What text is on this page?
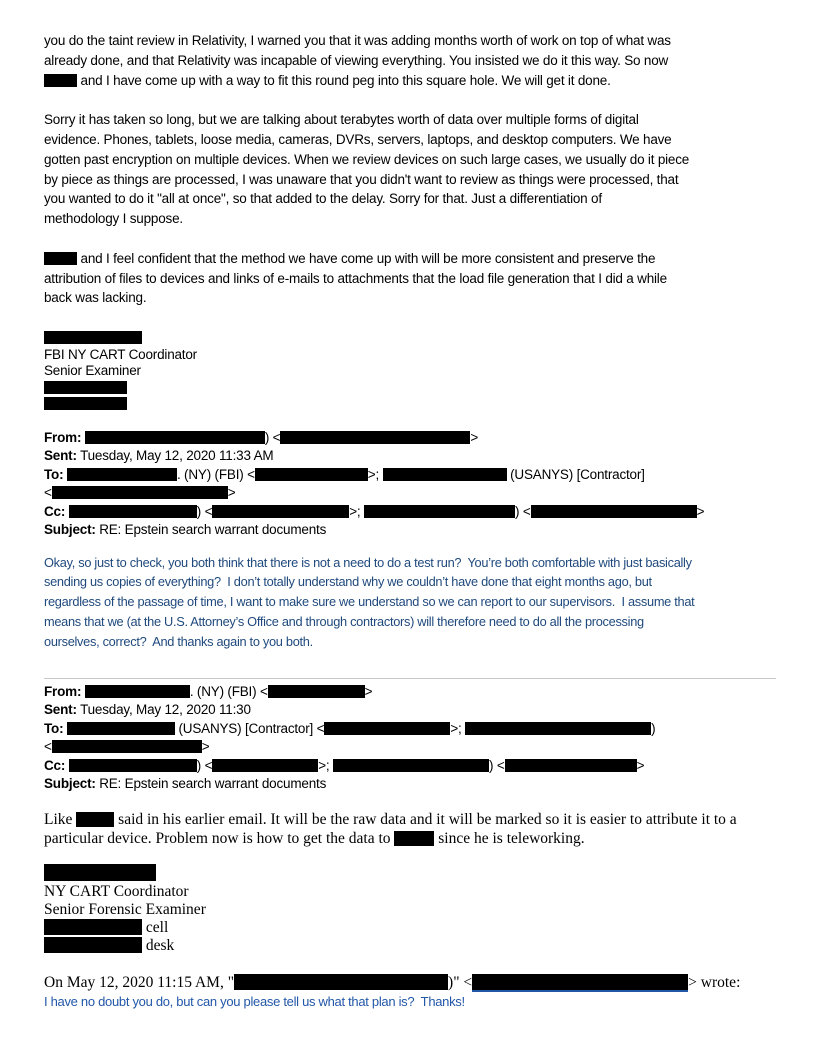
you do the taint review in Relativity, I warned you that it was adding months worth of work on top of what was
already done, and that Relativity was incapable of viewing everything. You insisted we do it this way. So now
and I have come up with a way to fit this round peg into this square hole. We will get it done.
Sorry it has taken so long, but we are talking about terabytes worth of data over multiple forms of digital
evidence. Phones, tablets, loose media, cameras, DVRs, servers, laptops, and desktop computers. We have
gotten past encryption on multiple devices. When we review devices on such large cases, we usually do it piece
by piece as things are processed, I was unaware that you didn't want to review as things were processed, that
you wanted to do it "all at once", so that added to the delay. Sorry for that. Just a differentiation of
methodology I suppose.
and I feel confident that the method we have come up with will be more consistent and preserve the
attribution of files to devices and links of e-mails to attachments that the load file generation that I did a while
back was lacking.
FBI NY CART Coordinator
Senior Examiner
From:	) <	>
Sent: Tuesday, May 12, 2020 11:33 AM
To:	. (NY) (FBI) <	>;	(USANYS) [Contractor]
<	>
Cc:	) <	>;	) <	>
Subject: RE: Epstein search warrant documents
Okay, so just to check, you both think that there is not a need to do a test run?  You’re both comfortable with just basically
sending us copies of everything?  I don’t totally understand why we couldn’t have done that eight months ago, but
regardless of the passage of time, I want to make sure we understand so we can report to our supervisors.  I assume that
means that we (at the U.S. Attorney’s Office and through contractors) will therefore need to do all the processing
ourselves, correct?  And thanks again to you both.
From:	. (NY) (FBI) <	>
Sent: Tuesday, May 12, 2020 11:30
To:	(USANYS) [Contractor] <	>;	)
<	>
Cc:	) <	>;	) <	>
Subject: RE: Epstein search warrant documents
Like  said in his earlier email. It will be the raw data and it will be marked so it is easier to attribute it to a
particular device. Problem now is how to get the data to	since he is teleworking.
NY CART Coordinator
Senior Forensic Examiner
cell
desk
On May 12, 2020 11:15 AM, "	)" <	> wrote:
I have no doubt you do, but can you please tell us what that plan is?  Thanks!
